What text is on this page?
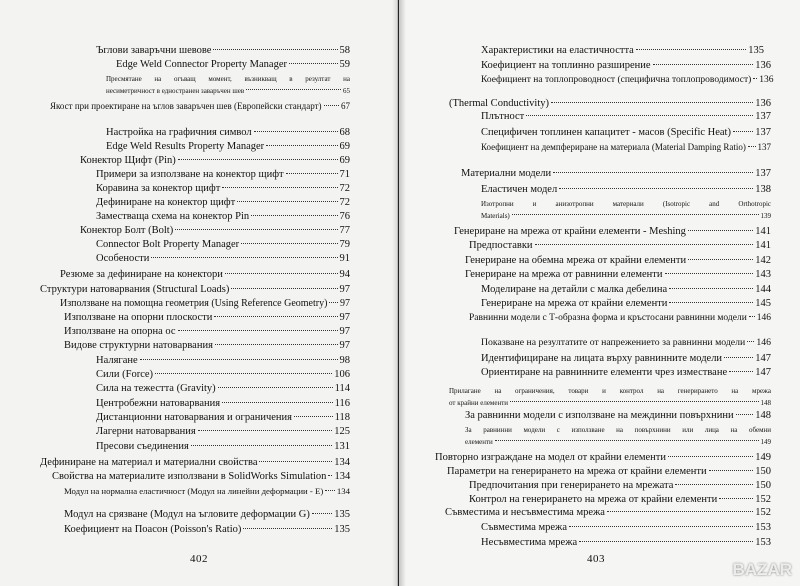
Ъглови заваръчни шевове	58
Edge Weld Connector Property Manager	59
Пресмятане на огъващ момент, възникващ в резултат на
несиметричност в едностранен заваръчен шев	65
Якост при проектиране на ъглов заваръчен шев (Европейски стандарт) 67
Настройка на графичния символ	68
Edge Weld Results Property Manager	69
Конектор Щифт (Pin)	69
Примери за използване на конектор щифт	71
Коравина за конектор щифт	72
Дефиниране на конектор щифт	72
Заместваща схема на конектор Pin	76
Конектор Болт (Bolt)	77
Connector Bolt Property Manager	79
Особености	91
Резюме за дефиниране на конектори	94
Структури натоварвания (Structural Loads)	97
Използване на помощна геометрия (Using Reference Geometry) 97
Използване на опорни плоскости	97
Използване на опорна ос	97
Видове структурни натоварвания	97
Налягане	98
Сили (Force)	106
Сила на тежестта (Gravity)	114
Центробежни натоварвания	116
Дистанционни натоварвания и ограничения	118
Лагерни натоварвания	125
Пресови съединения	131
Дефиниране на материал и материални свойства	134
Свойства на материалите използвани в SolidWorks Simulation 134
Модул на нормална еластичност (Модул на линейни деформации - Е) 134
Модул на срязване (Модул на ъгловите деформации G) 135
Коефициент на Поасон (Poisson's Ratio)	135
402
Характеристики на еластичността	135
Коефициент на топлинно разширение	136
Коефициент на топлопроводност (специфична топлопроводимост) 136
(Thermal Conductivity)	136
Плътност	137
Специфичен топлинен капацитет - масов (Specific Heat) 137
Коефициент на демпфериране на материала (Material Damping Ratio) 137
Материални модели	137
Еластичен модел	138
Изотропни и анизотропни материали (Isotropic and Orthotropic
Materials)	139
Генериране на мрежа от крайни елементи - Meshing	141
Предпоставки	141
Генериране на обемна мрежа от крайни елементи	142
Генериране на мрежа от равнинни елементи	143
Моделиране на детайли с малка дебелина	144
Генериране на мрежа от крайни елементи	145
Равнинни модели с Т-образна форма и кръстосани равнинни модели 146
Показване на резултатите от напрежението за равнинни модели 146
Идентифициране на лицата върху равнинните модели	147
Ориентиране на равнинните елементи чрез изместване	147
Прилагане на ограничения, товари и контрол на генерирането на мрежа
от крайни елементи	148
За равнинни модели с използване на междинни повърхнини 148
За равнинни модели с използване на повърхнини или лица на обемни
елементи	149
Повторно изграждане на модел от крайни елементи	149
Параметри на генерирането на мрежа от крайни елементи	150
Предпочитания при генерирането на мрежата	150
Контрол на генерирането на мрежа от крайни елементи	152
Съвместима и несъвместима мрежа	152
Съвместима мрежа	153
Несъвместима мрежа	153
403
BAZAR
